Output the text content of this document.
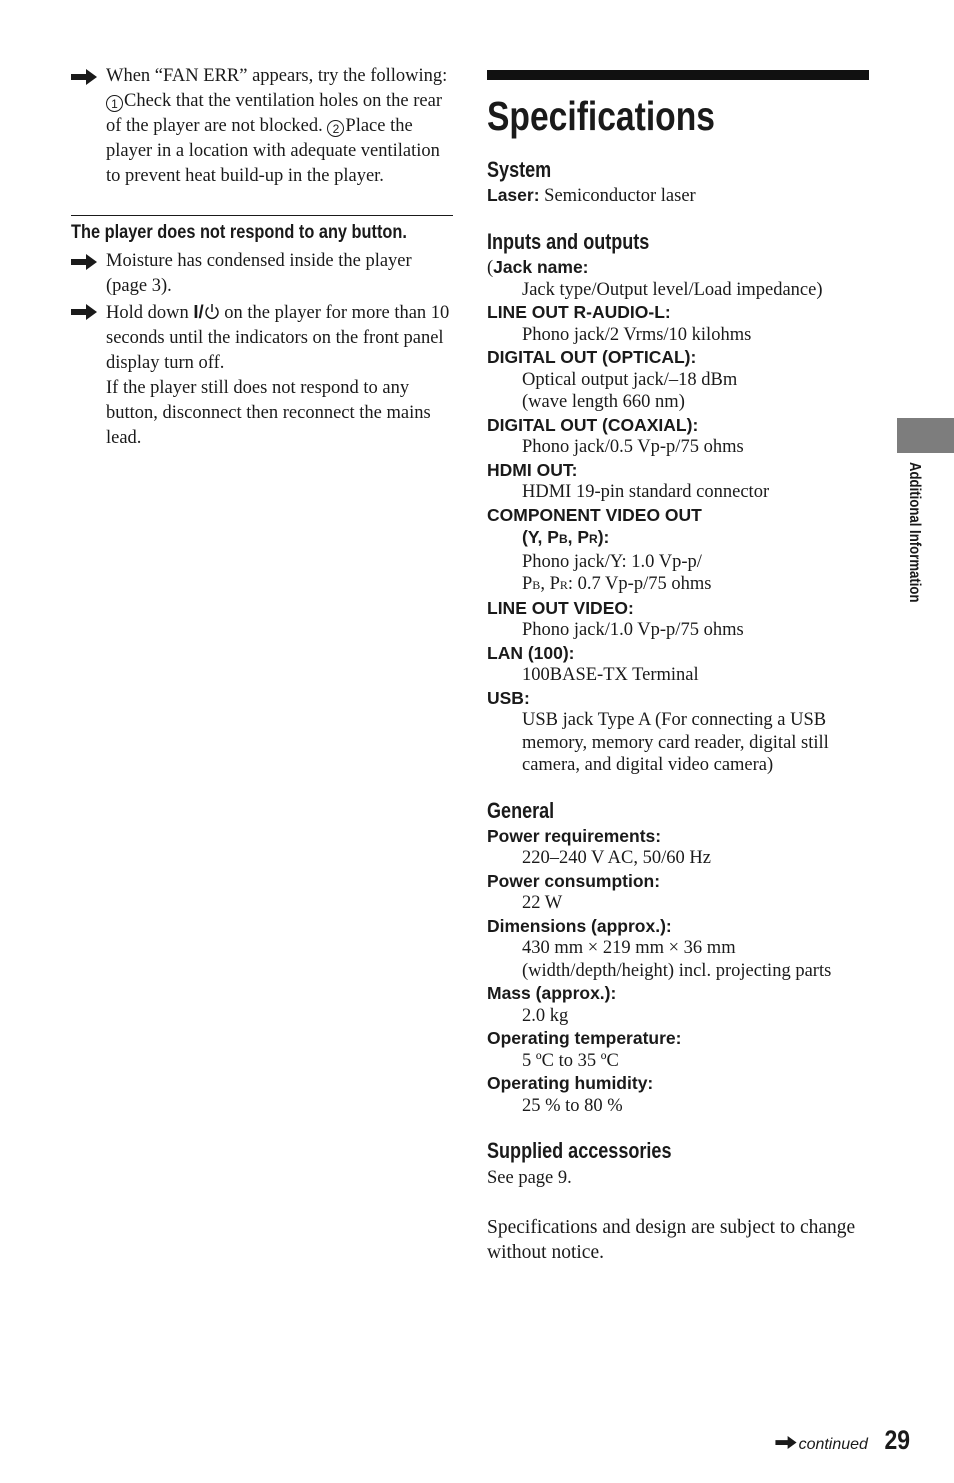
When “FAN ERR” appears, try the following: 1 Check that the ventilation holes on the rear of the player are not blocked. 2 Place the player in a location with adequate ventilation to prevent heat build-up in the player.
The player does not respond to any button.
Moisture has condensed inside the player (page 3).
Hold down I/ on the player for more than 10 seconds until the indicators on the front panel display turn off.
If the player still does not respond to any button, disconnect then reconnect the mains lead.
Specifications
System
Laser: Semiconductor laser
Inputs and outputs
(Jack name:
Jack type/Output level/Load impedance)
LINE OUT R-AUDIO-L:
Phono jack/2 Vrms/10 kilohms
DIGITAL OUT (OPTICAL):
Optical output jack/–18 dBm
(wave length 660 nm)
DIGITAL OUT (COAXIAL):
Phono jack/0.5 Vp-p/75 ohms
HDMI OUT:
HDMI 19-pin standard connector
COMPONENT VIDEO OUT
(Y, PB, PR):
Phono jack/Y: 1.0 Vp-p/
PB, PR: 0.7 Vp-p/75 ohms
LINE OUT VIDEO:
Phono jack/1.0 Vp-p/75 ohms
LAN (100):
100BASE-TX Terminal
USB:
USB jack Type A (For connecting a USB
memory, memory card reader, digital still
camera, and digital video camera)
General
Power requirements:
220–240 V AC, 50/60 Hz
Power consumption:
22 W
Dimensions (approx.):
430 mm × 219 mm × 36 mm
(width/depth/height) incl. projecting parts
Mass (approx.):
2.0 kg
Operating temperature:
5 ºC to 35 ºC
Operating humidity:
25 % to 80 %
Supplied accessories
See page 9.
Specifications and design are subject to change without notice.
Additional Information
continued 29
